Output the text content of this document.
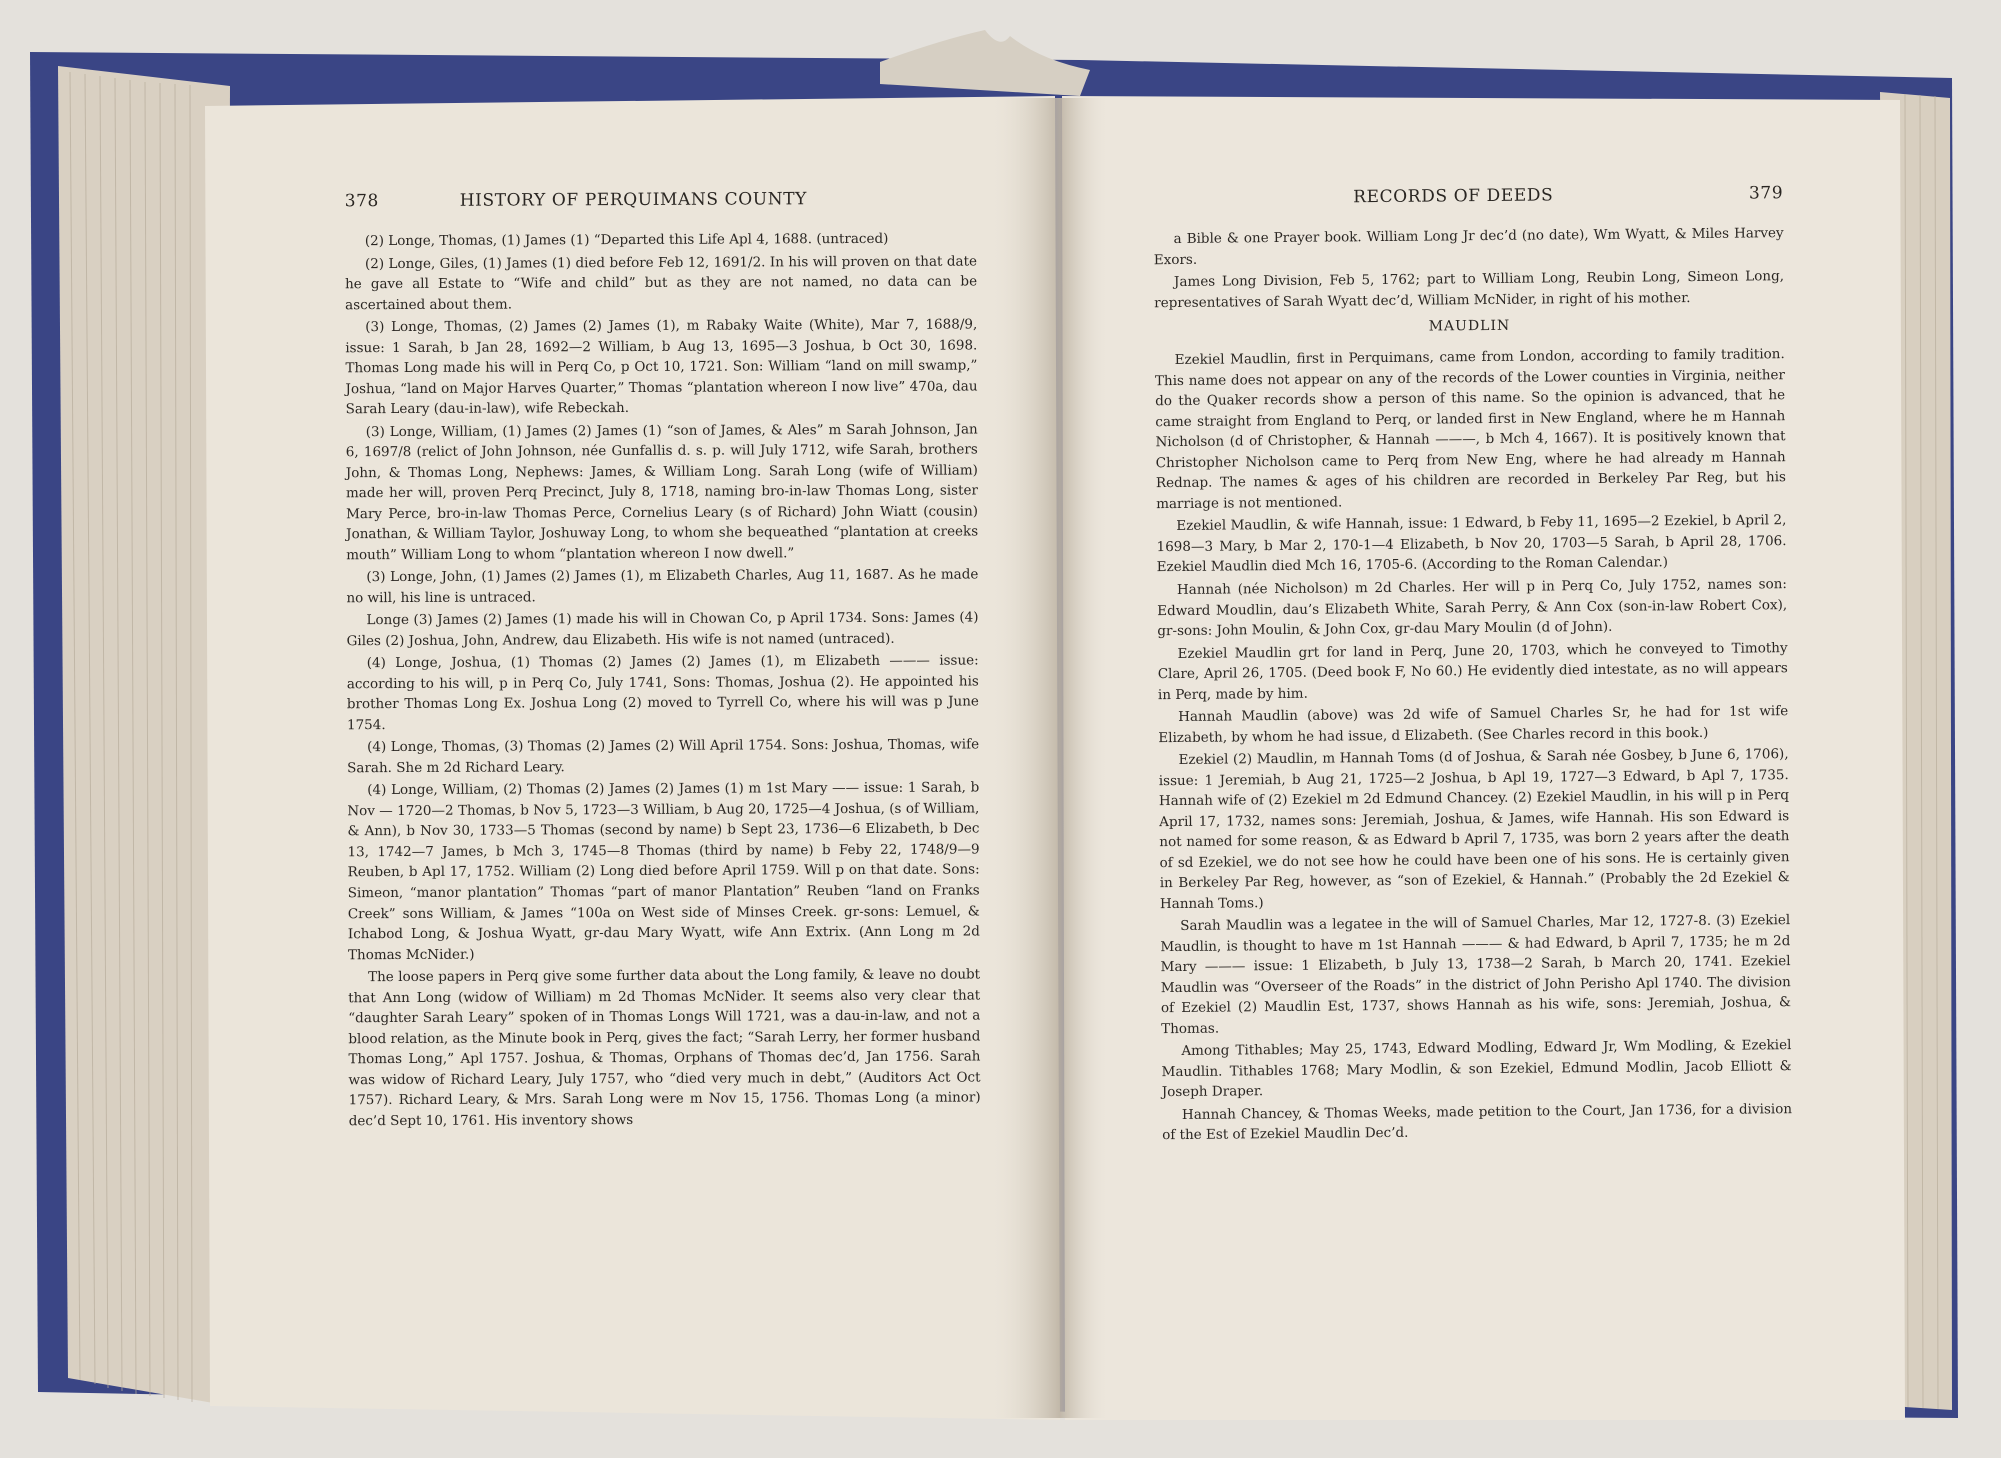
378	HISTORY OF PERQUIMANS COUNTY

(2) Longe, Thomas, (1) James (1) “Departed this Life Apl 4, 1688. (untraced)

(2) Longe, Giles, (1) James (1) died before Feb 12, 1691/2. In his will proven on that date he gave all Estate to “Wife and child” but as they are not named, no data can be ascertained about them.

(3) Longe, Thomas, (2) James (2) James (1), m Rabaky Waite (White), Mar 7, 1688/9, issue: 1 Sarah, b Jan 28, 1692—2 William, b Aug 13, 1695—3 Joshua, b Oct 30, 1698. Thomas Long made his will in Perq Co, p Oct 10, 1721. Son: William “land on mill swamp,” Joshua, “land on Major Harves Quarter,” Thomas “plantation whereon I now live” 470a, dau Sarah Leary (dau-in-law), wife Rebeckah.

(3) Longe, William, (1) James (2) James (1) “son of James, & Ales” m Sarah Johnson, Jan 6, 1697/8 (relict of John Johnson, née Gunfallis d. s. p. will July 1712, wife Sarah, brothers John, & Thomas Long, Nephews: James, & William Long. Sarah Long (wife of William) made her will, proven Perq Precinct, July 8, 1718, naming bro-in-law Thomas Long, sister Mary Perce, bro-in-law Thomas Perce, Cornelius Leary (s of Richard) John Wiatt (cousin) Jonathan, & William Taylor, Joshuway Long, to whom she bequeathed “plantation at creeks mouth” William Long to whom “plantation whereon I now dwell.”

(3) Longe, John, (1) James (2) James (1), m Elizabeth Charles, Aug 11, 1687. As he made no will, his line is untraced.

Longe (3) James (2) James (1) made his will in Chowan Co, p April 1734. Sons: James (4) Giles (2) Joshua, John, Andrew, dau Elizabeth. His wife is not named (untraced).

(4) Longe, Joshua, (1) Thomas (2) James (2) James (1), m Elizabeth ——— issue: according to his will, p in Perq Co, July 1741, Sons: Thomas, Joshua (2). He appointed his brother Thomas Long Ex. Joshua Long (2) moved to Tyrrell Co, where his will was p June 1754.

(4) Longe, Thomas, (3) Thomas (2) James (2) Will April 1754. Sons: Joshua, Thomas, wife Sarah. She m 2d Richard Leary.

(4) Longe, William, (2) Thomas (2) James (2) James (1) m 1st Mary —— issue: 1 Sarah, b Nov — 1720—2 Thomas, b Nov 5, 1723—3 William, b Aug 20, 1725—4 Joshua, (s of William, & Ann), b Nov 30, 1733—5 Thomas (second by name) b Sept 23, 1736—6 Elizabeth, b Dec 13, 1742—7 James, b Mch 3, 1745—8 Thomas (third by name) b Feby 22, 1748/9—9 Reuben, b Apl 17, 1752. William (2) Long died before April 1759. Will p on that date. Sons: Simeon, “manor plantation” Thomas “part of manor Plantation” Reuben “land on Franks Creek” sons William, & James “100a on West side of Minses Creek. gr-sons: Lemuel, & Ichabod Long, & Joshua Wyatt, gr-dau Mary Wyatt, wife Ann Extrix. (Ann Long m 2d Thomas McNider.)

The loose papers in Perq give some further data about the Long family, & leave no doubt that Ann Long (widow of William) m 2d Thomas McNider. It seems also very clear that “daughter Sarah Leary” spoken of in Thomas Longs Will 1721, was a dau-in-law, and not a blood relation, as the Minute book in Perq, gives the fact; “Sarah Lerry, her former husband Thomas Long,” Apl 1757. Joshua, & Thomas, Orphans of Thomas dec’d, Jan 1756. Sarah was widow of Richard Leary, July 1757, who “died very much in debt,” (Auditors Act Oct 1757). Richard Leary, & Mrs. Sarah Long were m Nov 15, 1756. Thomas Long (a minor) dec’d Sept 10, 1761. His inventory shows

RECORDS OF DEEDS	379

a Bible & one Prayer book. William Long Jr dec’d (no date), Wm Wyatt, & Miles Harvey Exors.

James Long Division, Feb 5, 1762; part to William Long, Reubin Long, Simeon Long, representatives of Sarah Wyatt dec’d, William McNider, in right of his mother.

MAUDLIN

Ezekiel Maudlin, first in Perquimans, came from London, according to family tradition. This name does not appear on any of the records of the Lower counties in Virginia, neither do the Quaker records show a person of this name. So the opinion is advanced, that he came straight from England to Perq, or landed first in New England, where he m Hannah Nicholson (d of Christopher, & Hannah ———, b Mch 4, 1667). It is positively known that Christopher Nicholson came to Perq from New Eng, where he had already m Hannah Rednap. The names & ages of his children are recorded in Berkeley Par Reg, but his marriage is not mentioned.

Ezekiel Maudlin, & wife Hannah, issue: 1 Edward, b Feby 11, 1695—2 Ezekiel, b April 2, 1698—3 Mary, b Mar 2, 170-1—4 Elizabeth, b Nov 20, 1703—5 Sarah, b April 28, 1706. Ezekiel Maudlin died Mch 16, 1705-6. (According to the Roman Calendar.)

Hannah (née Nicholson) m 2d Charles. Her will p in Perq Co, July 1752, names son: Edward Moudlin, dau’s Elizabeth White, Sarah Perry, & Ann Cox (son-in-law Robert Cox), gr-sons: John Moulin, & John Cox, gr-dau Mary Moulin (d of John).

Ezekiel Maudlin grt for land in Perq, June 20, 1703, which he conveyed to Timothy Clare, April 26, 1705. (Deed book F, No 60.) He evidently died intestate, as no will appears in Perq, made by him.

Hannah Maudlin (above) was 2d wife of Samuel Charles Sr, he had for 1st wife Elizabeth, by whom he had issue, d Elizabeth. (See Charles record in this book.)

Ezekiel (2) Maudlin, m Hannah Toms (d of Joshua, & Sarah née Gosbey, b June 6, 1706), issue: 1 Jeremiah, b Aug 21, 1725—2 Joshua, b Apl 19, 1727—3 Edward, b Apl 7, 1735. Hannah wife of (2) Ezekiel m 2d Edmund Chancey. (2) Ezekiel Maudlin, in his will p in Perq April 17, 1732, names sons: Jeremiah, Joshua, & James, wife Hannah. His son Edward is not named for some reason, & as Edward b April 7, 1735, was born 2 years after the death of sd Ezekiel, we do not see how he could have been one of his sons. He is certainly given in Berkeley Par Reg, however, as “son of Ezekiel, & Hannah.” (Probably the 2d Ezekiel & Hannah Toms.)

Sarah Maudlin was a legatee in the will of Samuel Charles, Mar 12, 1727-8. (3) Ezekiel Maudlin, is thought to have m 1st Hannah ——— & had Edward, b April 7, 1735; he m 2d Mary ——— issue: 1 Elizabeth, b July 13, 1738—2 Sarah, b March 20, 1741. Ezekiel Maudlin was “Overseer of the Roads” in the district of John Perisho Apl 1740. The division of Ezekiel (2) Maudlin Est, 1737, shows Hannah as his wife, sons: Jeremiah, Joshua, & Thomas.

Among Tithables; May 25, 1743, Edward Modling, Edward Jr, Wm Modling, & Ezekiel Maudlin. Tithables 1768; Mary Modlin, & son Ezekiel, Edmund Modlin, Jacob Elliott & Joseph Draper.

Hannah Chancey, & Thomas Weeks, made petition to the Court, Jan 1736, for a division of the Est of Ezekiel Maudlin Dec’d.
